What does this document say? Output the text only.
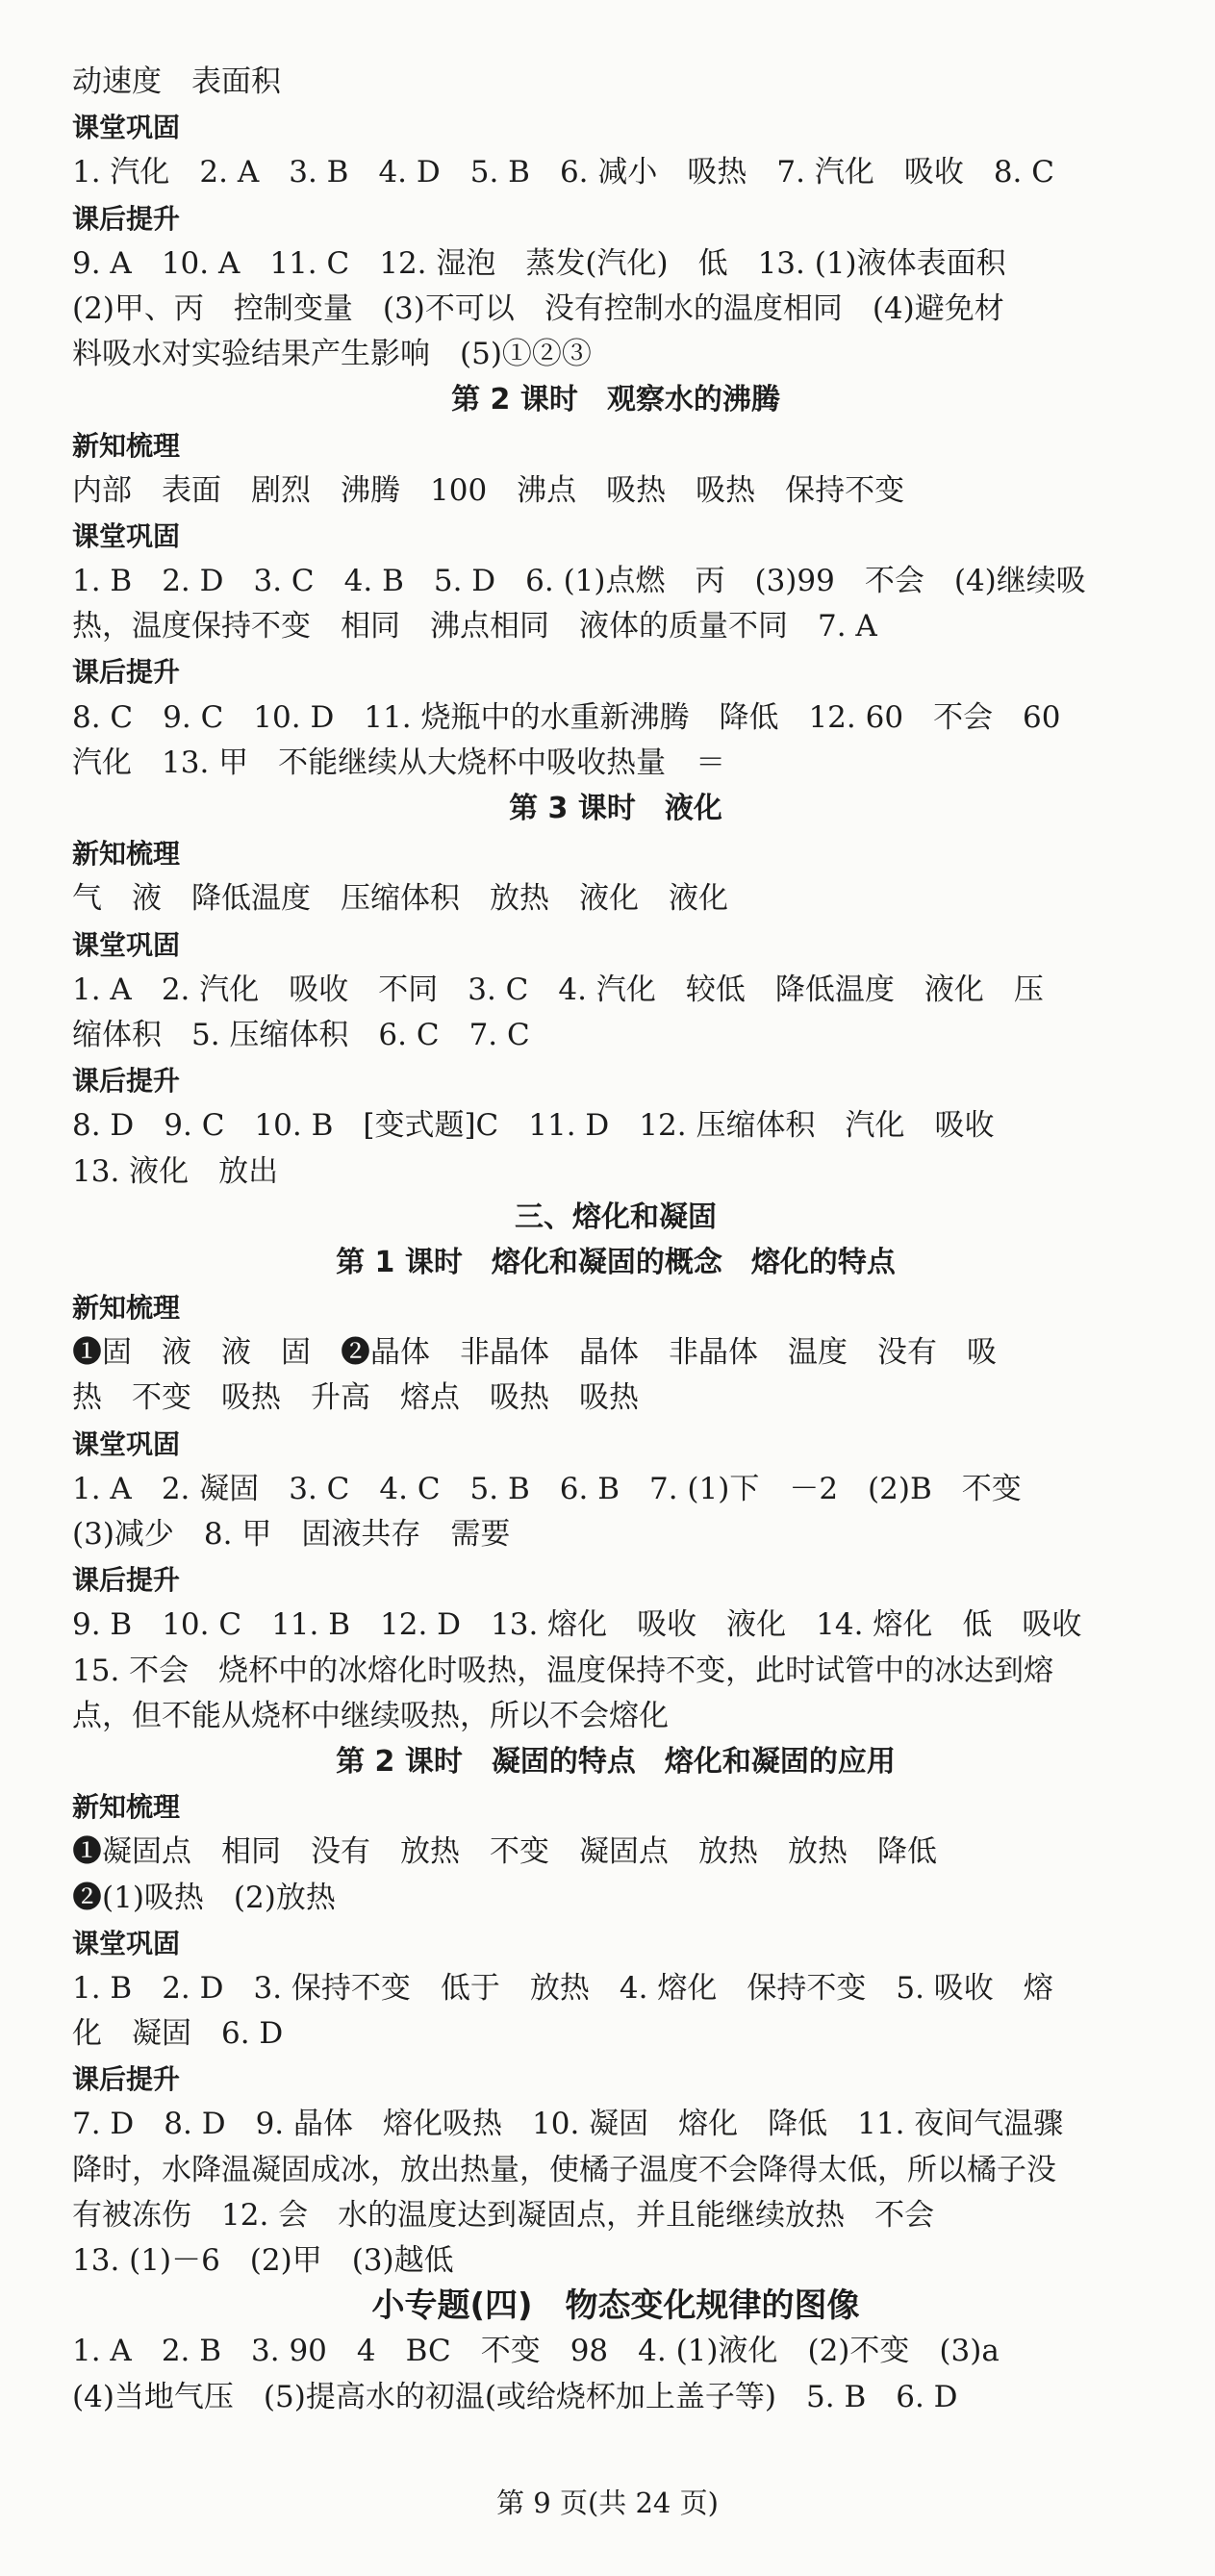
动速度　表面积
课堂巩固
1. 汽化　2. A　3. B　4. D　5. B　6. 减小　吸热　7. 汽化　吸收　8. C
课后提升
9. A　10. A　11. C　12. 湿泡　蒸发(汽化)　低　13. (1)液体表面积
(2)甲、丙　控制变量　(3)不可以　没有控制水的温度相同　(4)避免材
料吸水对实验结果产生影响　(5)①②③
第 2 课时　观察水的沸腾
新知梳理
内部　表面　剧烈　沸腾　100　沸点　吸热　吸热　保持不变
课堂巩固
1. B　2. D　3. C　4. B　5. D　6. (1)点燃　丙　(3)99　不会　(4)继续吸
热，温度保持不变　相同　沸点相同　液体的质量不同　7. A
课后提升
8. C　9. C　10. D　11. 烧瓶中的水重新沸腾　降低　12. 60　不会　60
汽化　13. 甲　不能继续从大烧杯中吸收热量　＝
第 3 课时　液化
新知梳理
气　液　降低温度　压缩体积　放热　液化　液化
课堂巩固
1. A　2. 汽化　吸收　不同　3. C　4. 汽化　较低　降低温度　液化　压
缩体积　5. 压缩体积　6. C　7. C
课后提升
8. D　9. C　10. B　[变式题]C　11. D　12. 压缩体积　汽化　吸收
13. 液化　放出
三、熔化和凝固
第 1 课时　熔化和凝固的概念　熔化的特点
新知梳理
❶固　液　液　固　❷晶体　非晶体　晶体　非晶体　温度　没有　吸
热　不变　吸热　升高　熔点　吸热　吸热
课堂巩固
1. A　2. 凝固　3. C　4. C　5. B　6. B　7. (1)下　－2　(2)B　不变
(3)减少　8. 甲　固液共存　需要
课后提升
9. B　10. C　11. B　12. D　13. 熔化　吸收　液化　14. 熔化　低　吸收
15. 不会　烧杯中的冰熔化时吸热，温度保持不变，此时试管中的冰达到熔
点，但不能从烧杯中继续吸热，所以不会熔化
第 2 课时　凝固的特点　熔化和凝固的应用
新知梳理
❶凝固点　相同　没有　放热　不变　凝固点　放热　放热　降低
❷(1)吸热　(2)放热
课堂巩固
1. B　2. D　3. 保持不变　低于　放热　4. 熔化　保持不变　5. 吸收　熔
化　凝固　6. D
课后提升
7. D　8. D　9. 晶体　熔化吸热　10. 凝固　熔化　降低　11. 夜间气温骤
降时，水降温凝固成冰，放出热量，使橘子温度不会降得太低，所以橘子没
有被冻伤　12. 会　水的温度达到凝固点，并且能继续放热　不会
13. (1)－6　(2)甲　(3)越低
小专题(四)　物态变化规律的图像
1. A　2. B　3. 90　4　BC　不变　98　4. (1)液化　(2)不变　(3)a
(4)当地气压　(5)提高水的初温(或给烧杯加上盖子等)　5. B　6. D
第 9 页(共 24 页)
